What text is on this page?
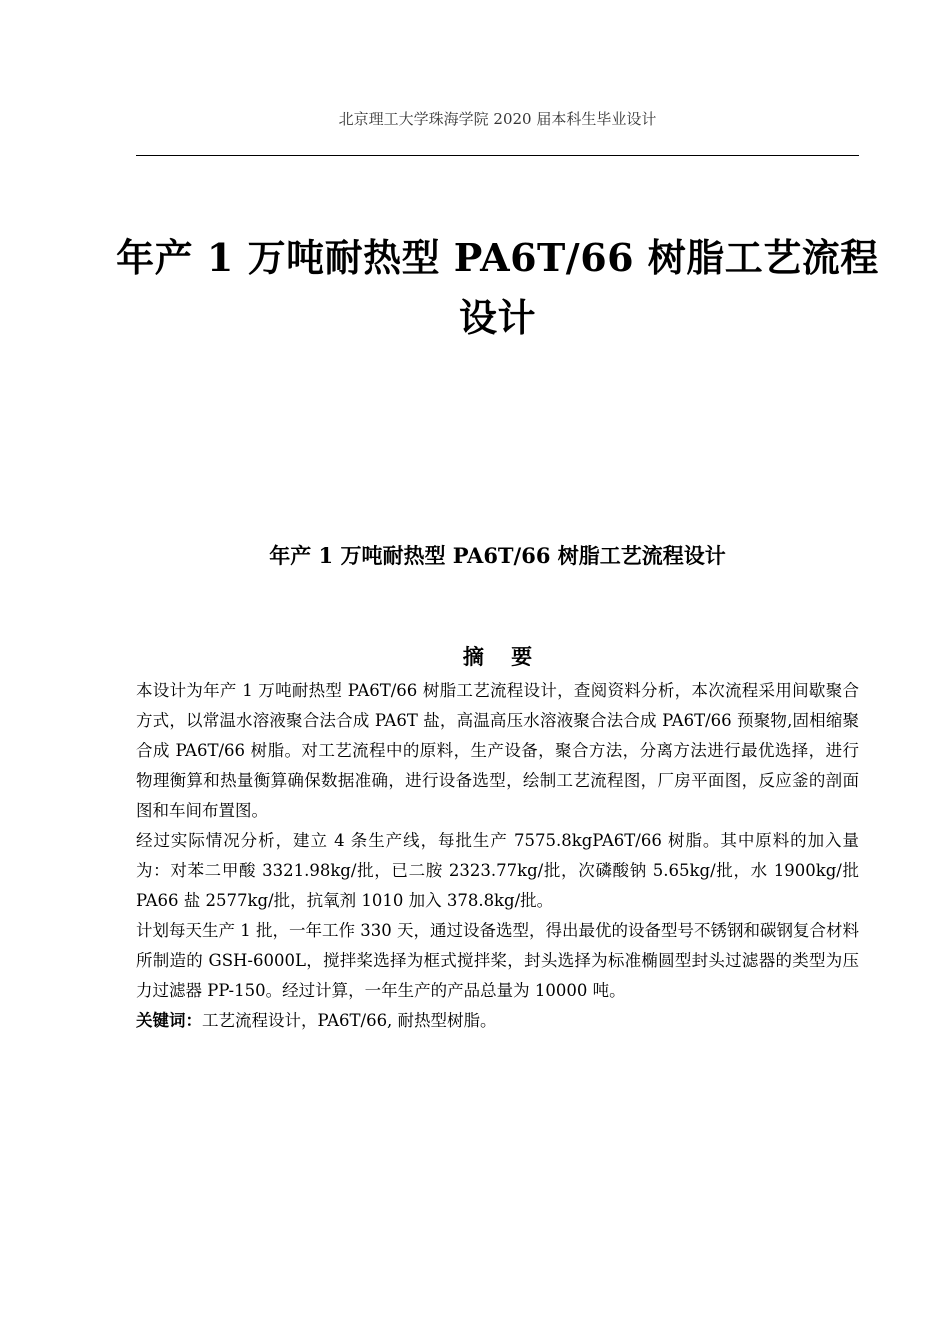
北京理工大学珠海学院 2020 届本科生毕业设计
年产 1 万吨耐热型 PA6T/66 树脂工艺流程设计
年产 1 万吨耐热型 PA6T/66 树脂工艺流程设计
摘 要

本设计为年产 1 万吨耐热型 PA6T/66 树脂工艺流程设计，查阅资料分析，本次流程采用间歇聚合方式，以常温水溶液聚合法合成 PA6T 盐，高温高压水溶液聚合法合成 PA6T/66 预聚物,固相缩聚合成 PA6T/66 树脂。对工艺流程中的原料，生产设备，聚合方法，分离方法进行最优选择，进行物理衡算和热量衡算确保数据准确，进行设备选型，绘制工艺流程图，厂房平面图，反应釜的剖面图和车间布置图。

经过实际情况分析，建立 4 条生产线，每批生产 7575.8kgPA6T/66 树脂。其中原料的加入量为：对苯二甲酸 3321.98kg/批，已二胺 2323.77kg/批，次磷酸钠 5.65kg/批，水 1900kg/批 PA66 盐 2577kg/批，抗氧剂 1010 加入 378.8kg/批。

计划每天生产 1 批，一年工作 330 天，通过设备选型，得出最优的设备型号不锈钢和碳钢复合材料所制造的 GSH-6000L，搅拌桨选择为框式搅拌桨，封头选择为标准椭圆型封头过滤器的类型为压力过滤器 PP-150。经过计算，一年生产的产品总量为 10000 吨。

关键词：工艺流程设计，PA6T/66, 耐热型树脂。
